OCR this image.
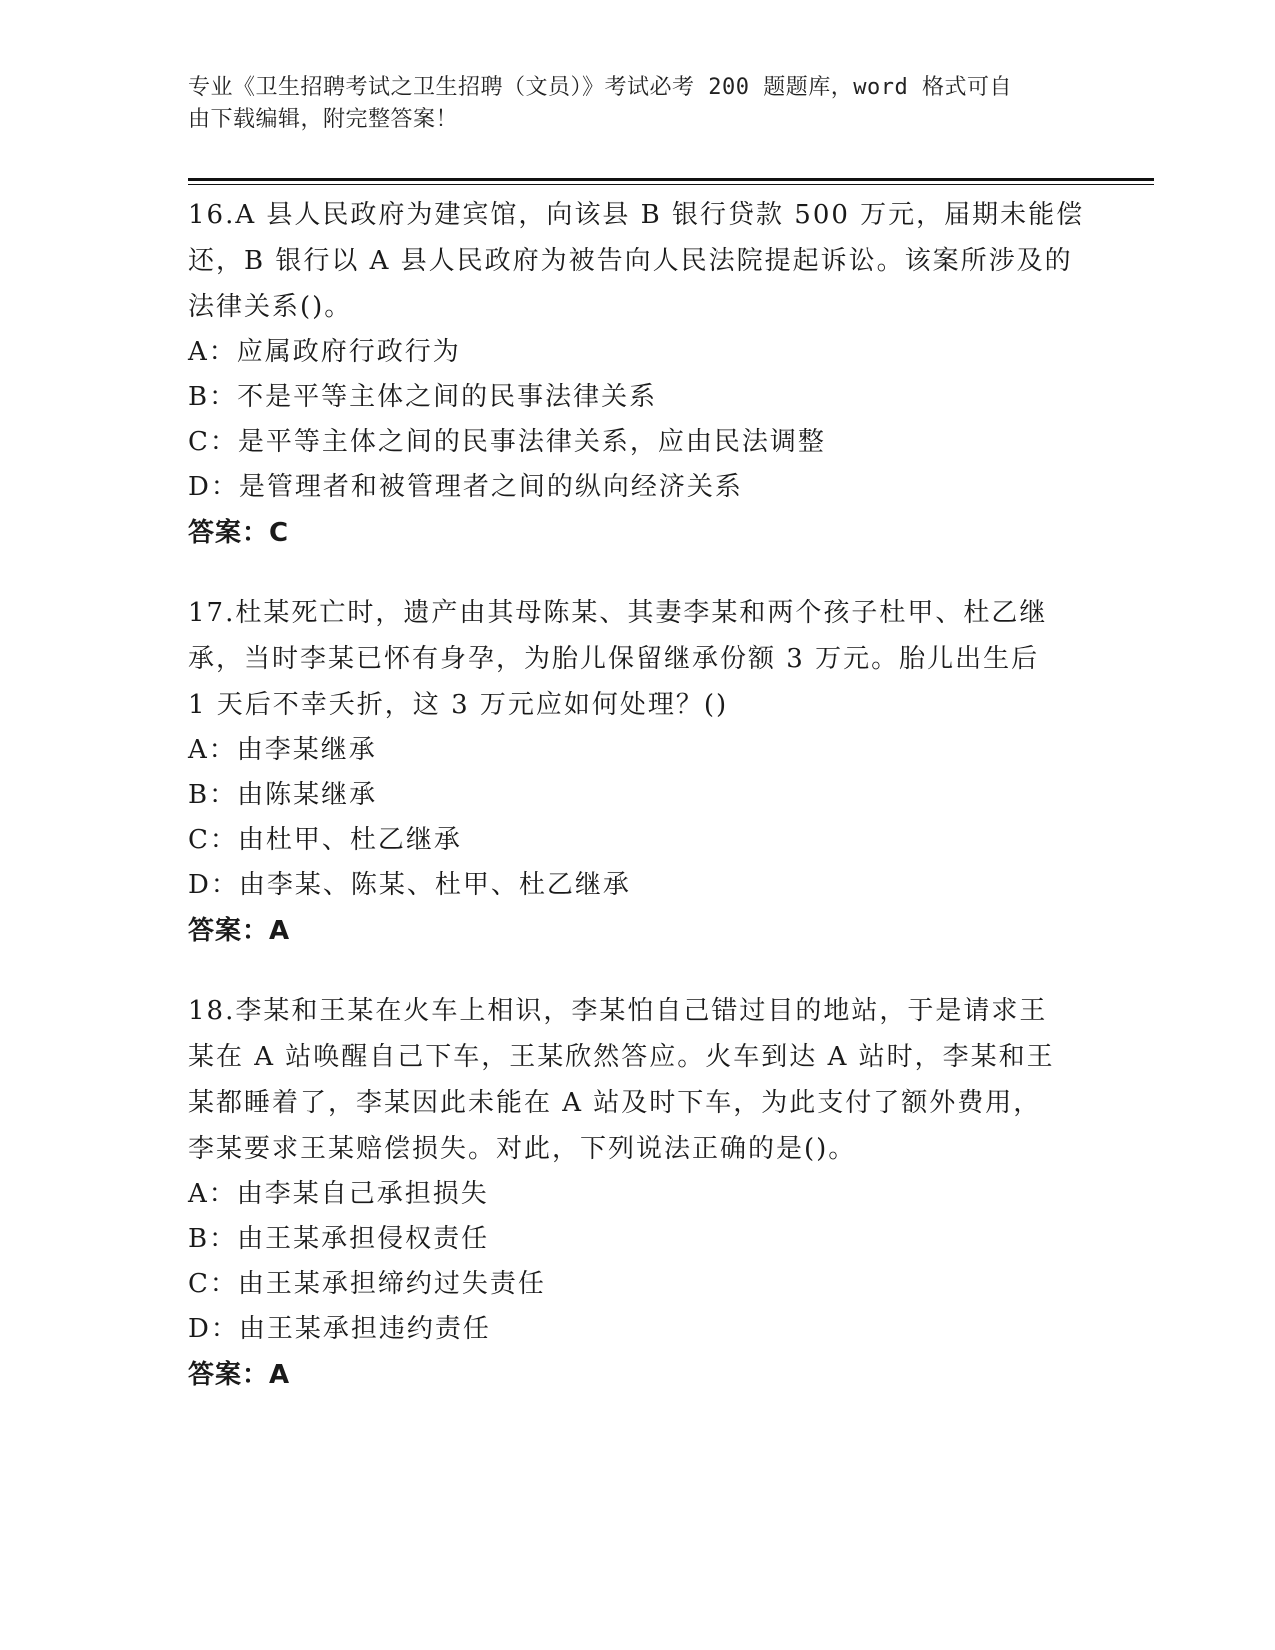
专业《卫生招聘考试之卫生招聘（文员）》考试必考 200 题题库，word 格式可自
由下载编辑，附完整答案！
16.A 县人民政府为建宾馆，向该县 B 银行贷款 500 万元，届期未能偿
还，B 银行以 A 县人民政府为被告向人民法院提起诉讼。该案所涉及的
法律关系()。
A：应属政府行政行为
B：不是平等主体之间的民事法律关系
C：是平等主体之间的民事法律关系，应由民法调整
D：是管理者和被管理者之间的纵向经济关系
答案：C
17.杜某死亡时，遗产由其母陈某、其妻李某和两个孩子杜甲、杜乙继
承，当时李某已怀有身孕，为胎儿保留继承份额 3 万元。胎儿出生后
1 天后不幸夭折，这 3 万元应如何处理？()
A：由李某继承
B：由陈某继承
C：由杜甲、杜乙继承
D：由李某、陈某、杜甲、杜乙继承
答案：A
18.李某和王某在火车上相识，李某怕自己错过目的地站，于是请求王
某在 A 站唤醒自己下车，王某欣然答应。火车到达 A 站时，李某和王
某都睡着了，李某因此未能在 A 站及时下车，为此支付了额外费用，
李某要求王某赔偿损失。对此，下列说法正确的是()。
A：由李某自己承担损失
B：由王某承担侵权责任
C：由王某承担缔约过失责任
D：由王某承担违约责任
答案：A
